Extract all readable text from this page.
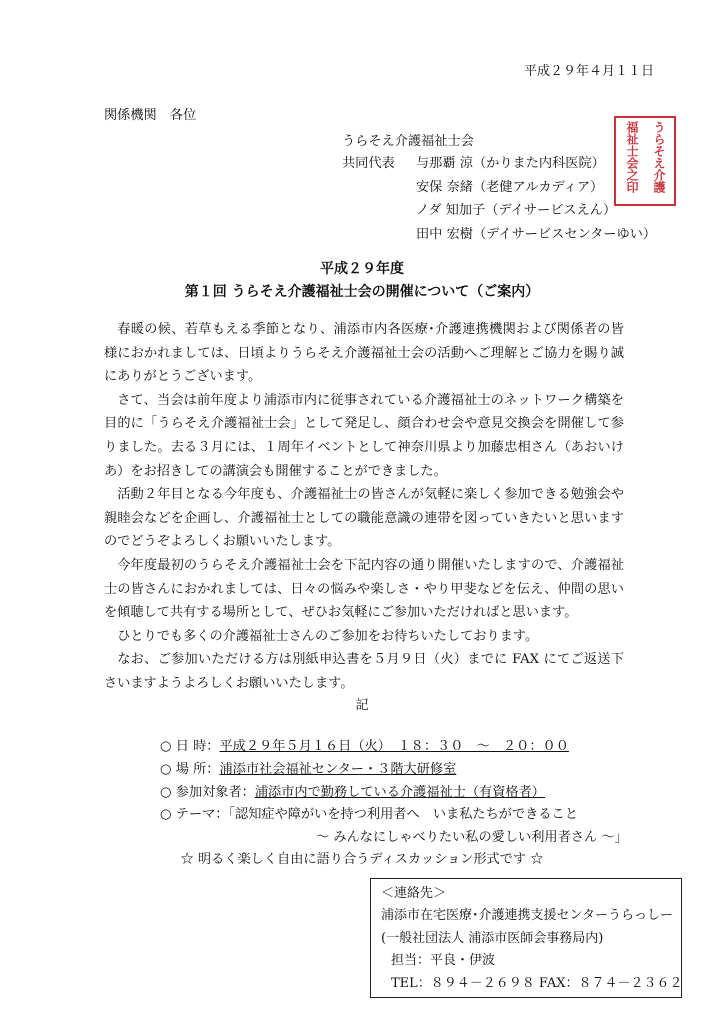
平成２９年４月１１日
関係機関　各位
うらそえ介護福祉士会
共同代表	与那覇 涼（かりまた内科医院）
安保 奈緒（老健アルカディア）
ノダ 知加子（デイサービスえん）
田中 宏樹（デイサービスセンターゆい）
うらそえ介護
福祉士会之印
平成２９年度
第１回 うらそえ介護福祉士会の開催について（ご案内）

春暖の候、若草もえる季節となり、浦添市内各医療･介護連携機関および関係者の皆様におかれましては、日頃よりうらそえ介護福祉士会の活動へご理解とご協力を賜り誠にありがとうございます。

さて、当会は前年度より浦添市内に従事されている介護福祉士のネットワーク構築を目的に「うらそえ介護福祉士会」として発足し、顔合わせ会や意見交換会を開催して参りました。去る３月には、１周年イベントとして神奈川県より加藤忠相さん（あおいけあ）をお招きしての講演会も開催することができました。

活動２年目となる今年度も、介護福祉士の皆さんが気軽に楽しく参加できる勉強会や親睦会などを企画し、介護福祉士としての職能意識の連帯を図っていきたいと思いますのでどうぞよろしくお願いいたします。

今年度最初のうらそえ介護福祉士会を下記内容の通り開催いたしますので、介護福祉士の皆さんにおかれましては、日々の悩みや楽しさ・やり甲斐などを伝え、仲間の思いを傾聴して共有する場所として、ぜひお気軽にご参加いただければと思います。

ひとりでも多くの介護福祉士さんのご参加をお待ちいたしております。

なお、ご参加いただける方は別紙申込書を５月９日（火）までに FAX にてご返送下さいますようよろしくお願いいたします。

記
○ 日 時：平成２９年５月１６日（火）　１８：３０　～　２０：００
○ 場 所：浦添市社会福祉センター・３階大研修室
○ 参加対象者：浦添市内で勤務している介護福祉士（有資格者）
○ テーマ：「認知症や障がいを持つ利用者へ　いま私たちができること
～ みんなにしゃべりたい私の愛しい利用者さん ～」
☆ 明るく楽しく自由に語り合うディスカッション形式です ☆
＜連絡先＞
浦添市在宅医療･介護連携支援センターうらっしー
(一般社団法人 浦添市医師会事務局内)
担当：平良・伊波
TEL：８９４－２６９８ FAX：８７４－２３６２
